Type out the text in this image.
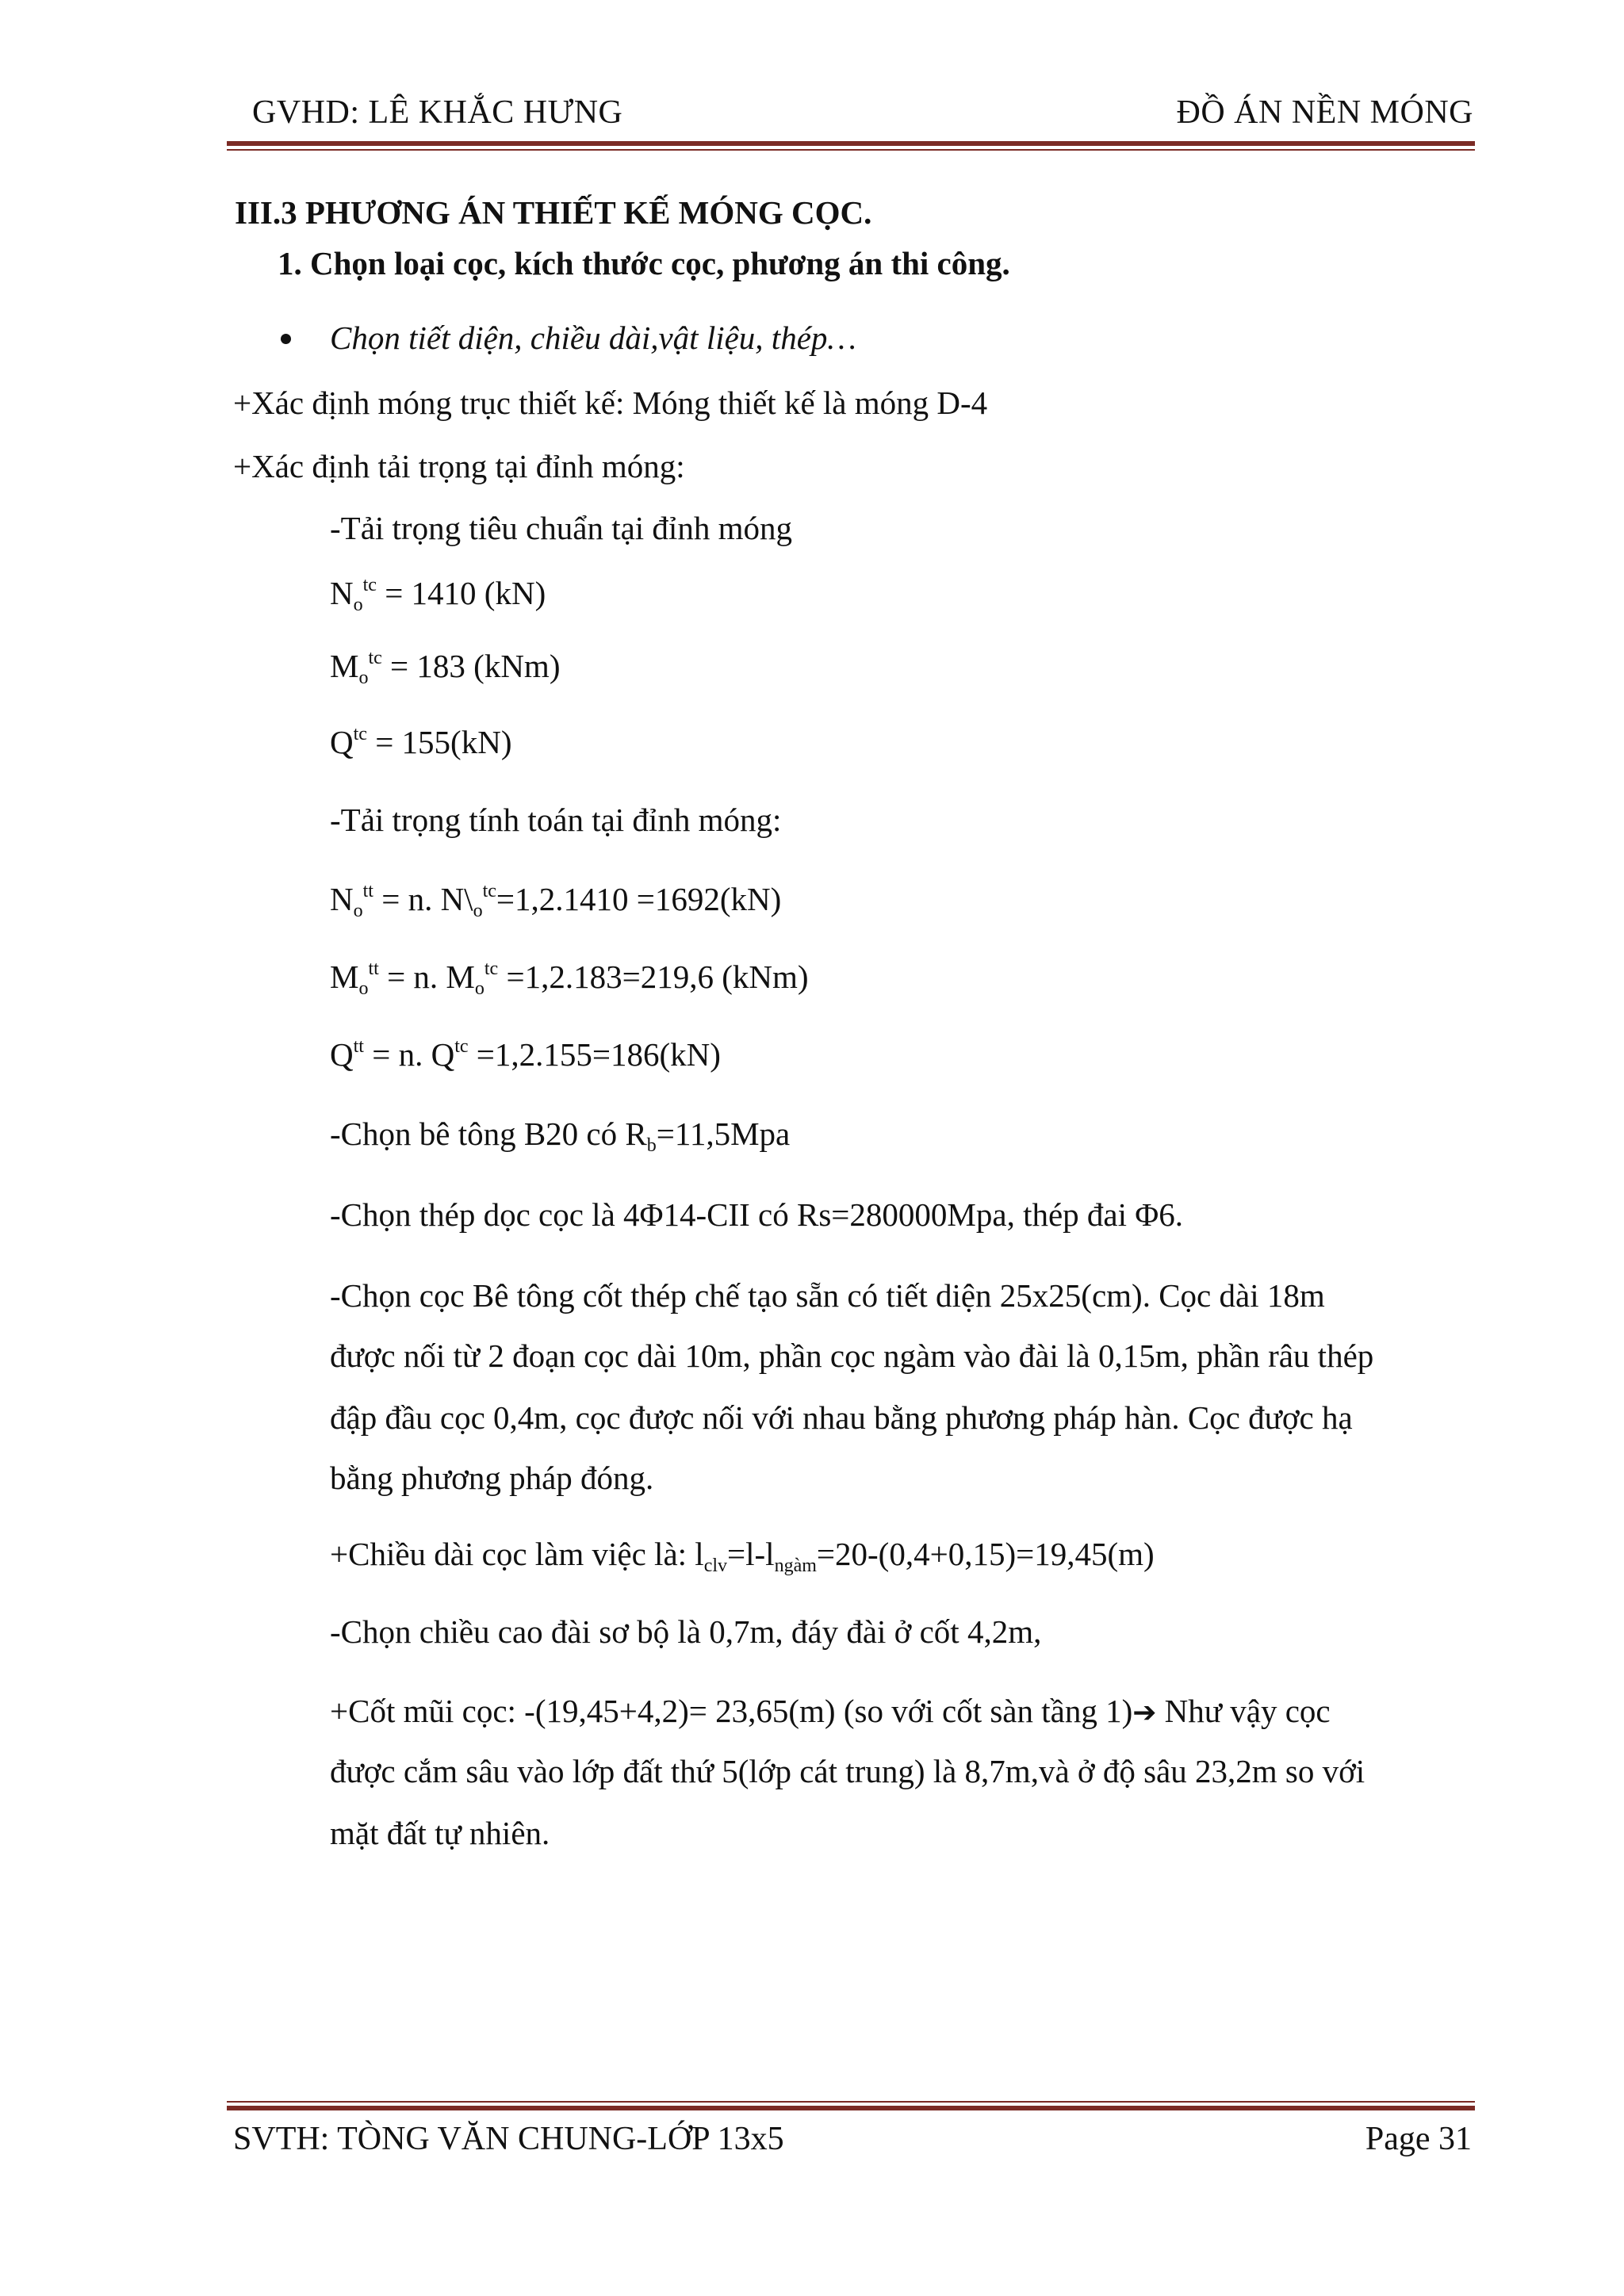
GVHD: LÊ KHẮC HƯNG	ĐỒ ÁN NỀN MÓNG
III.3 PHƯƠNG ÁN THIẾT KẾ MÓNG CỌC.
1. Chọn loại cọc, kích thước cọc, phương án thi công.
Chọn tiết diện, chiều dài,vật liệu, thép…
+Xác định móng trục thiết kế: Móng thiết kế là móng D-4
+Xác định tải trọng tại đỉnh móng:
-Tải trọng tiêu chuẩn tại đỉnh móng
$N_o^{tc} = 1410$ (kN)
$M_o^{tc} = 183$ (kNm)
$Q^{tc} = 155(kN)$
-Tải trọng tính toán tại đỉnh móng:
$N_o^{tt} = n$. $N\backslash_o^{tc}=1,2.1410 =1692(kN)$
$M_o^{tt} = n$. $M_o^{tc} =1,2.183=219,6$ (kNm)
$Q^{tt} = n$. $Q^{tc} =1,2.155=186(kN)$
-Chọn bê tông B20 có $R_b=11,5Mpa$
-Chọn thép dọc cọc là 4Φ14-CII có Rs=280000Mpa, thép đai Φ6.
-Chọn cọc Bê tông cốt thép chế tạo sẵn có tiết diện 25x25(cm). Cọc dài 18m
được nối từ 2 đoạn cọc dài 10m, phần cọc ngàm vào đài là 0,15m, phần râu thép
đập đầu cọc 0,4m, cọc được nối với nhau bằng phương pháp hàn. Cọc được hạ
bằng phương pháp đóng.
+Chiều dài cọc làm việc là: $l_{clv}=l-l_{ngàm}=20-(0,4+0,15)=19,45(m)$
-Chọn chiều cao đài sơ bộ là 0,7m, đáy đài ở cốt 4,2m,
+Cốt mũi cọc: -(19,45+4,2)= 23,65(m) (so với cốt sàn tầng 1)➔ Như vậy cọc
được cắm sâu vào lớp đất thứ 5(lớp cát trung) là 8,7m,và ở độ sâu 23,2m so với
mặt đất tự nhiên.
SVTH: TÒNG VĂN CHUNG-LỚP 13x5	Page 31
